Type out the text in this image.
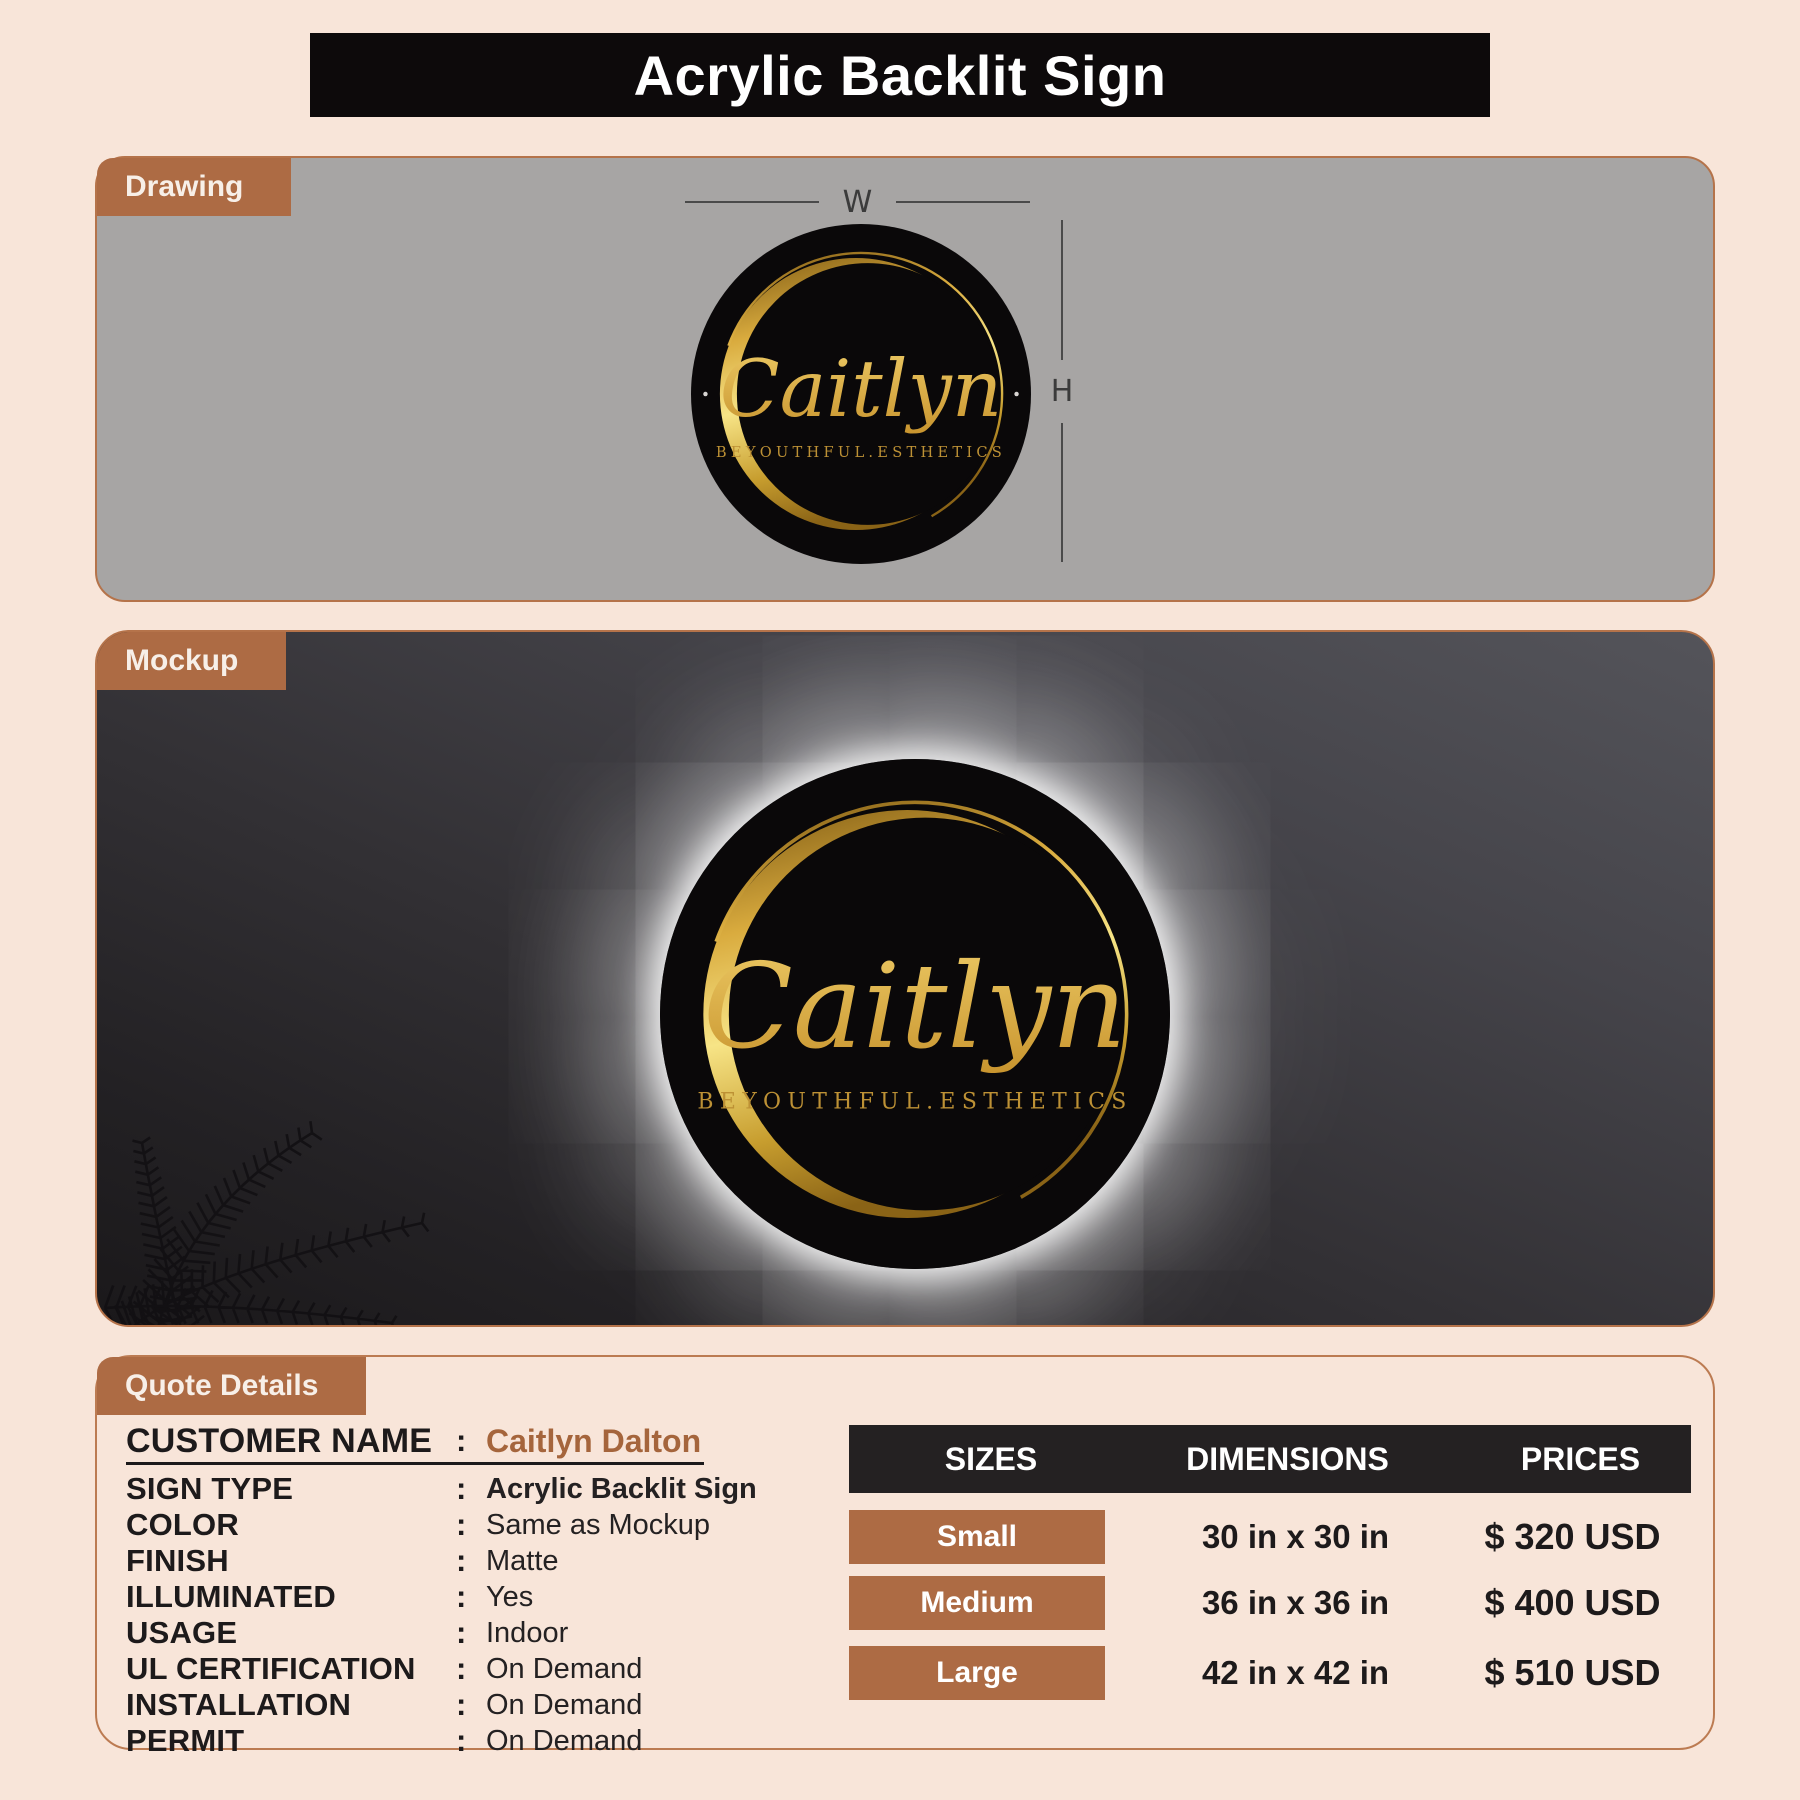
Acrylic Backlit Sign
Drawing	W
H
Caitlyn
BEYOUTHFUL.ESTHETICS
Mockup
Caitlyn
BEYOUTHFUL.ESTHETICS
Quote Details
CUSTOMER NAME : Caitlyn Dalton
SIGN TYPE	: Acrylic Backlit Sign
COLOR	: Same as Mockup
FINISH	: Matte
ILLUMINATED	: Yes
USAGE	: Indoor
UL CERTIFICATION	: On Demand
INSTALLATION	: On Demand
PERMIT	: On Demand
SIZES	DIMENSIONS	PRICES
Small	30 in x 30 in	$ 320 USD
Medium	36 in x 36 in	$ 400 USD
Large	42 in x 42 in	$ 510 USD
